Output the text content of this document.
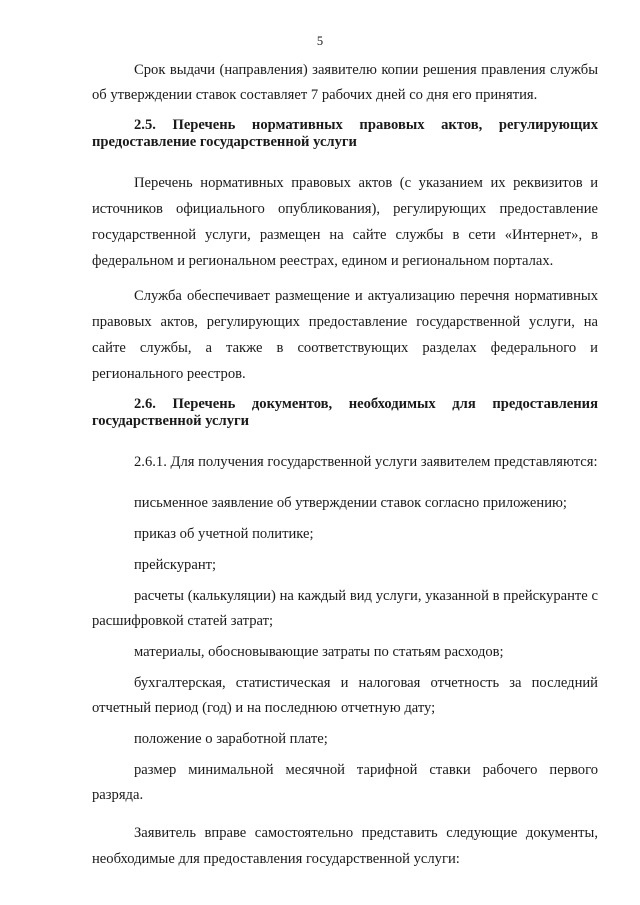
5

Срок выдачи (направления) заявителю копии решения правления службы об утверждении ставок составляет 7 рабочих дней со дня его принятия.

2.5. Перечень нормативных правовых актов, регулирующих предоставление государственной услуги

Перечень нормативных правовых актов (с указанием их реквизитов и источников официального опубликования), регулирующих предоставление государственной услуги, размещен на сайте службы в сети «Интернет», в федеральном и региональном реестрах, едином и региональном порталах.

Служба обеспечивает размещение и актуализацию перечня нормативных правовых актов, регулирующих предоставление государственной услуги, на сайте службы, а также в соответствующих разделах федерального и регионального реестров.

2.6. Перечень документов, необходимых для предоставления государственной услуги

2.6.1. Для получения государственной услуги заявителем представляются:

письменное заявление об утверждении ставок согласно приложению;

приказ об учетной политике;

прейскурант;

расчеты (калькуляции) на каждый вид услуги, указанной в прейскуранте с расшифровкой статей затрат;

материалы, обосновывающие затраты по статьям расходов;

бухгалтерская, статистическая и налоговая отчетность за последний отчетный период (год) и на последнюю отчетную дату;

положение о заработной плате;

размер минимальной месячной тарифной ставки рабочего первого разряда.

Заявитель вправе самостоятельно представить следующие документы, необходимые для предоставления государственной услуги:
